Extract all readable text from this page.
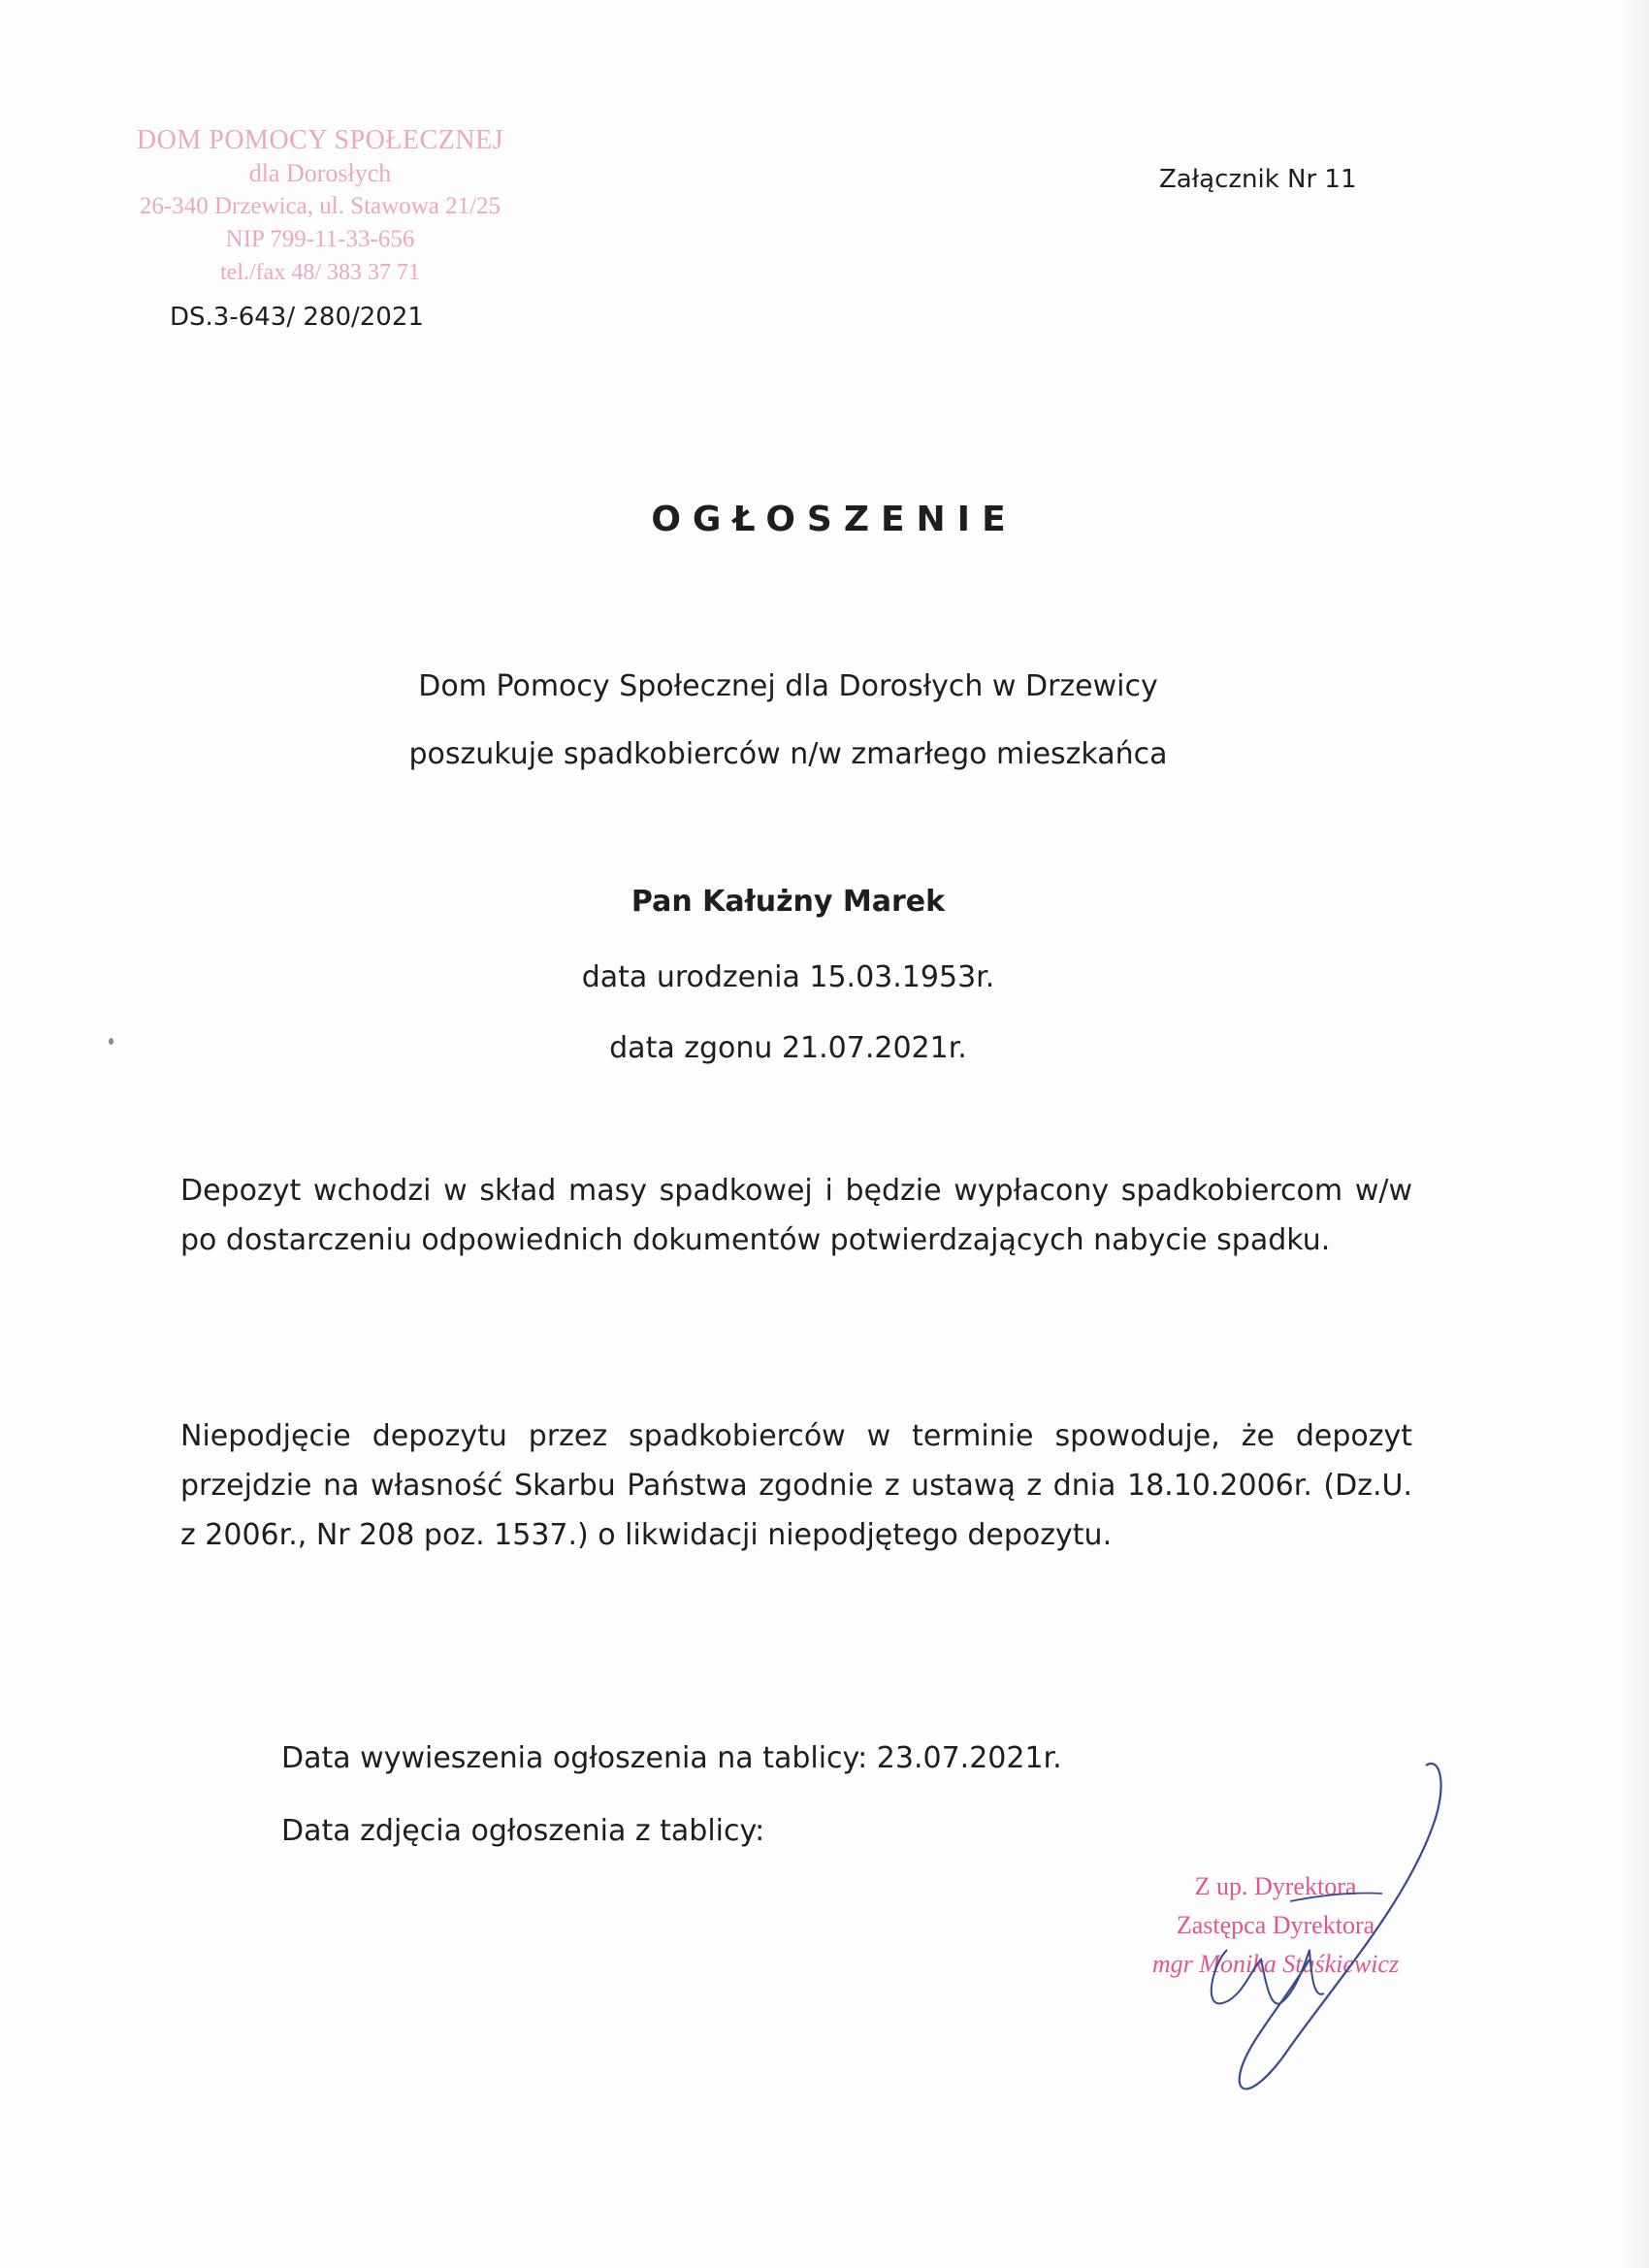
DOM POMOCY SPOŁECZNEJ
dla Dorosłych
26-340 Drzewica, ul. Stawowa 21/25
NIP 799-11-33-656
tel./fax 48/ 383 37 71
DS.3-643/ 280/2021
Załącznik Nr 11
OGŁOSZENIE
Dom Pomocy Społecznej dla Dorosłych w Drzewicy
poszukuje spadkobierców n/w zmarłego mieszkańca
Pan Kałużny Marek
data urodzenia 15.03.1953r.
data zgonu 21.07.2021r.
Depozyt wchodzi w skład masy spadkowej i będzie wypłacony spadkobiercom w/w po dostarczeniu odpowiednich dokumentów potwierdzających nabycie spadku.
Niepodjęcie depozytu przez spadkobierców w terminie spowoduje, że depozyt przejdzie na własność Skarbu Państwa zgodnie z ustawą z dnia 18.10.2006r. (Dz.U. z 2006r., Nr 208 poz. 1537.) o likwidacji niepodjętego depozytu.
Data wywieszenia ogłoszenia na tablicy: 23.07.2021r.
Data zdjęcia ogłoszenia z tablicy:
Z up. Dyrektora
Zastępca Dyrektora
mgr Monika Staśkiewicz
